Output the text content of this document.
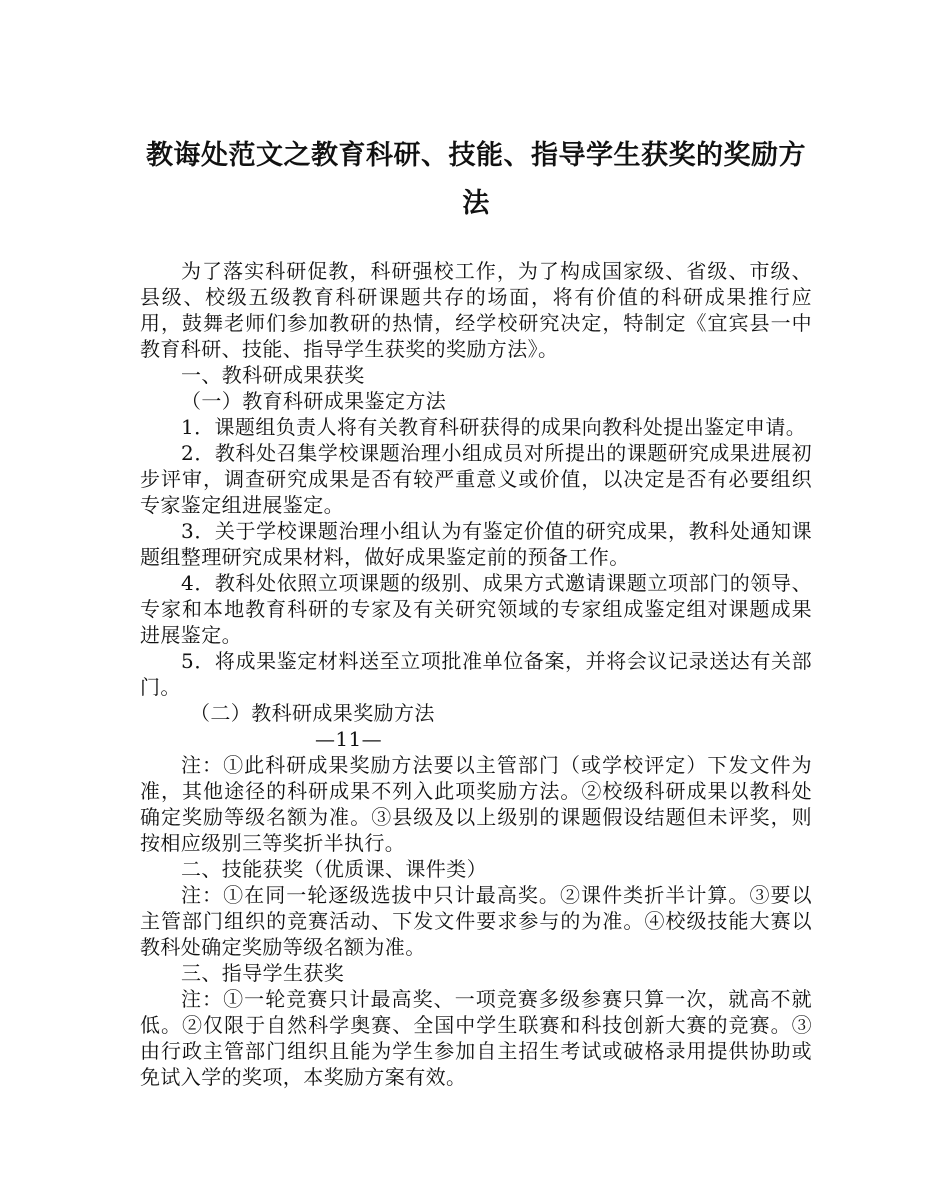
教诲处范文之教育科研、技能、指导学生获奖的奖励方法

为了落实科研促教，科研强校工作，为了构成国家级、省级、市级、县级、校级五级教育科研课题共存的场面，将有价值的科研成果推行应用，鼓舞老师们参加教研的热情，经学校研究决定，特制定《宜宾县一中教育科研、技能、指导学生获奖的奖励方法》。

一、教科研成果获奖

（一）教育科研成果鉴定方法

1．课题组负责人将有关教育科研获得的成果向教科处提出鉴定申请。

2．教科处召集学校课题治理小组成员对所提出的课题研究成果进展初步评审，调查研究成果是否有较严重意义或价值，以决定是否有必要组织专家鉴定组进展鉴定。

3．关于学校课题治理小组认为有鉴定价值的研究成果，教科处通知课题组整理研究成果材料，做好成果鉴定前的预备工作。

4．教科处依照立项课题的级别、成果方式邀请课题立项部门的领导、专家和本地教育科研的专家及有关研究领域的专家组成鉴定组对课题成果进展鉴定。

5．将成果鉴定材料送至立项批准单位备案，并将会议记录送达有关部门。

（二）教科研成果奖励方法

—11—

注：①此科研成果奖励方法要以主管部门（或学校评定）下发文件为准，其他途径的科研成果不列入此项奖励方法。②校级科研成果以教科处确定奖励等级名额为准。③县级及以上级别的课题假设结题但未评奖，则按相应级别三等奖折半执行。

二、技能获奖（优质课、课件类）

注：①在同一轮逐级选拔中只计最高奖。②课件类折半计算。③要以主管部门组织的竞赛活动、下发文件要求参与的为准。④校级技能大赛以教科处确定奖励等级名额为准。

三、指导学生获奖

注：①一轮竞赛只计最高奖、一项竞赛多级参赛只算一次，就高不就低。②仅限于自然科学奥赛、全国中学生联赛和科技创新大赛的竞赛。③由行政主管部门组织且能为学生参加自主招生考试或破格录用提供协助或免试入学的奖项，本奖励方案有效。
